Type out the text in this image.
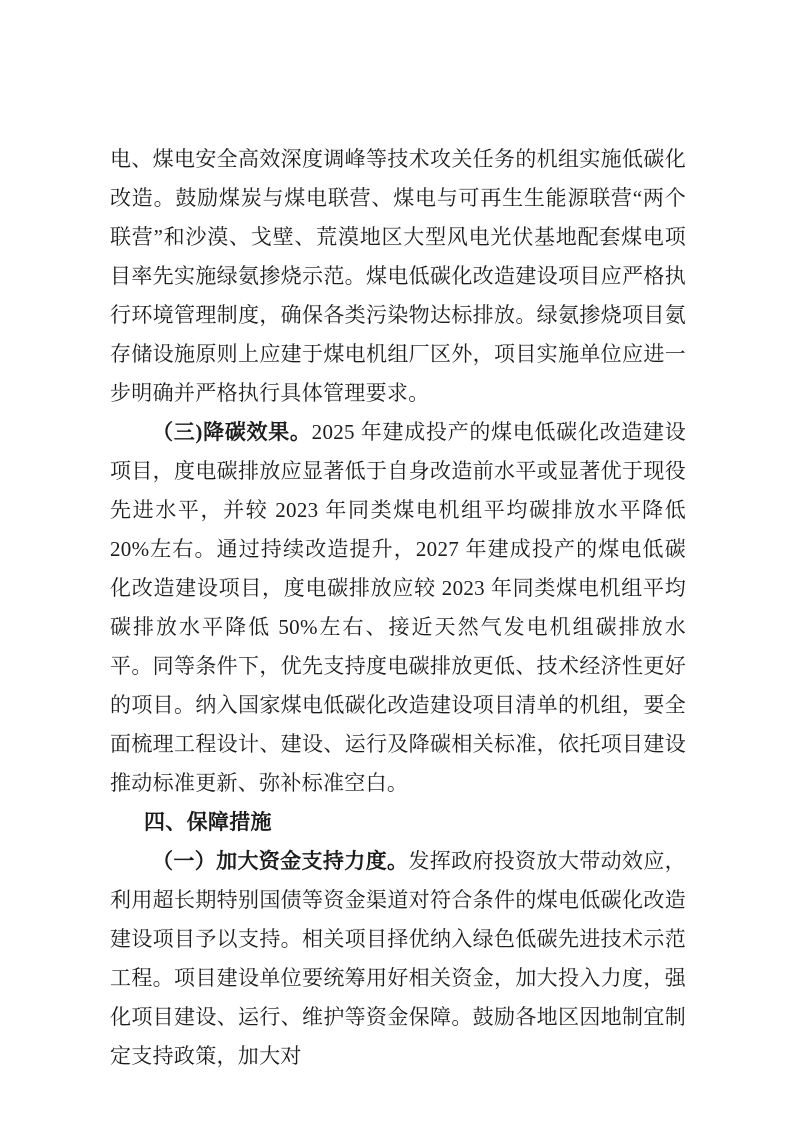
电、煤电安全高效深度调峰等技术攻关任务的机组实施低碳化改造。鼓励煤炭与煤电联营、煤电与可再生生能源联营“两个联营”和沙漠、戈壁、荒漠地区大型风电光伏基地配套煤电项目率先实施绿氨掺烧示范。煤电低碳化改造建设项目应严格执行环境管理制度，确保各类污染物达标排放。绿氨掺烧项目氨存储设施原则上应建于煤电机组厂区外，项目实施单位应进一步明确并严格执行具体管理要求。

（三)降碳效果。2025 年建成投产的煤电低碳化改造建设项目，度电碳排放应显著低于自身改造前水平或显著优于现役先进水平，并较 2023 年同类煤电机组平均碳排放水平降低 20%左右。通过持续改造提升，2027 年建成投产的煤电低碳化改造建设项目，度电碳排放应较 2023 年同类煤电机组平均碳排放水平降低 50%左右、接近天然气发电机组碳排放水平。同等条件下，优先支持度电碳排放更低、技术经济性更好的项目。纳入国家煤电低碳化改造建设项目清单的机组，要全面梳理工程设计、建设、运行及降碳相关标准，依托项目建设推动标准更新、弥补标准空白。

四、保障措施

（一）加大资金支持力度。发挥政府投资放大带动效应，利用超长期特别国债等资金渠道对符合条件的煤电低碳化改造建设项目予以支持。相关项目择优纳入绿色低碳先进技术示范工程。项目建设单位要统筹用好相关资金，加大投入力度，强化项目建设、运行、维护等资金保障。鼓励各地区因地制宜制定支持政策，加大对
